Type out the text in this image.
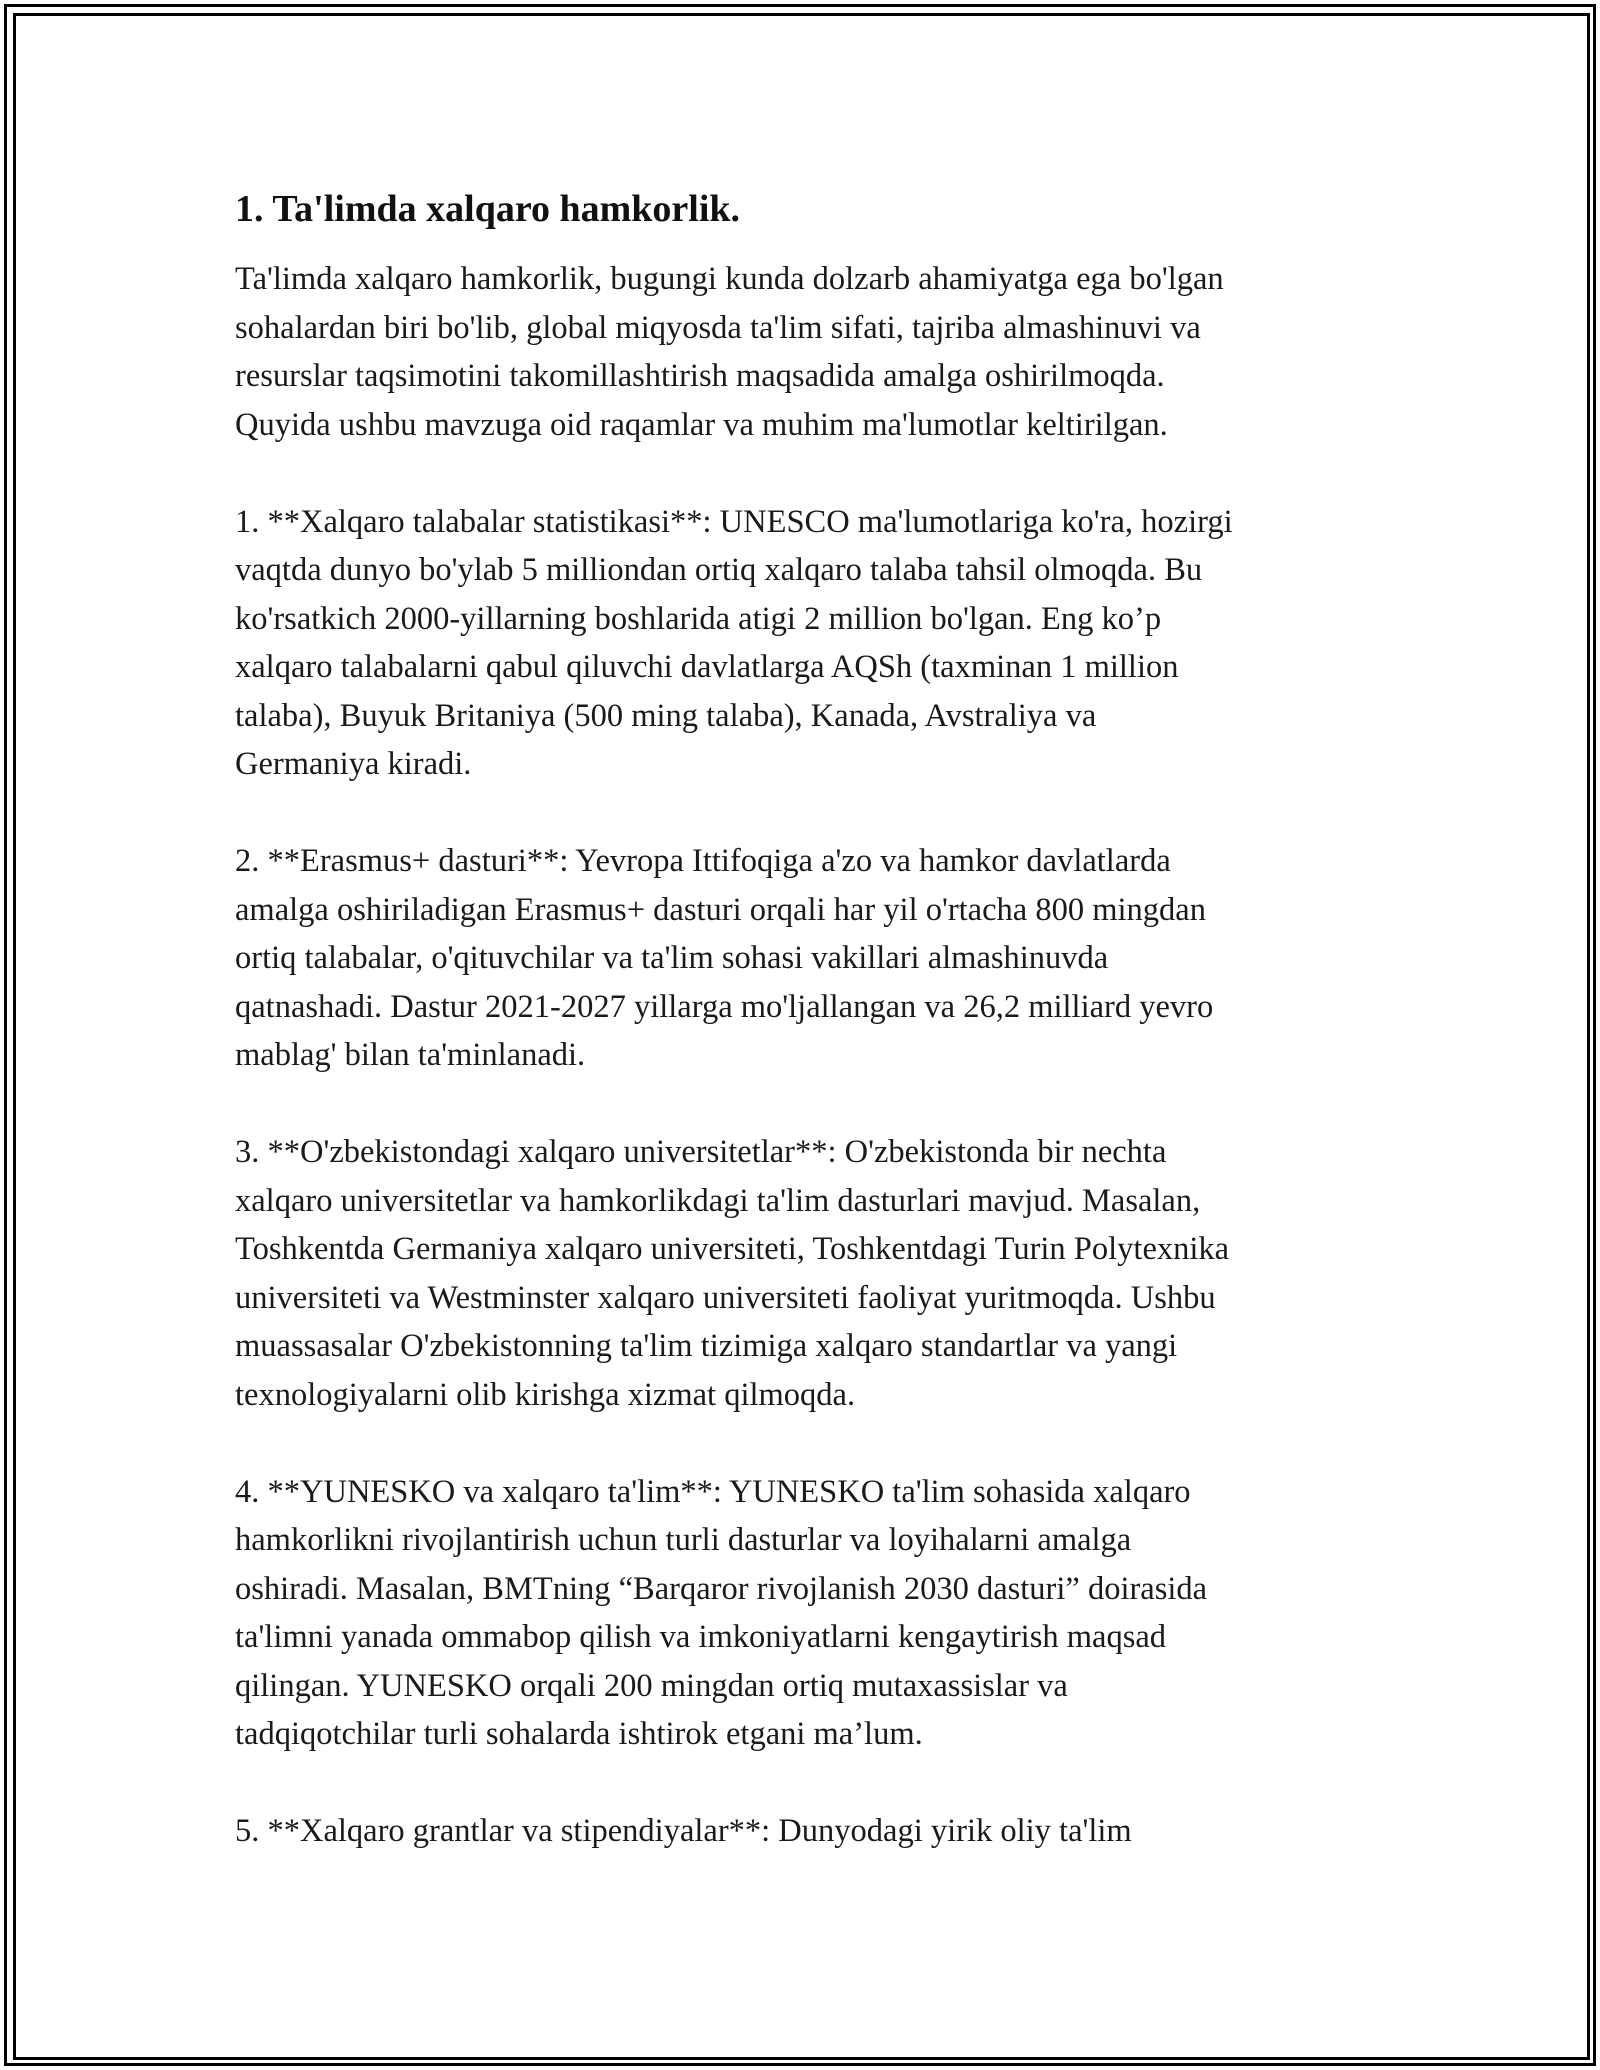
1. Ta'limda xalqaro hamkorlik.
Ta'limda xalqaro hamkorlik, bugungi kunda dolzarb ahamiyatga ega bo'lgan
sohalardan biri bo'lib, global miqyosda ta'lim sifati, tajriba almashinuvi va
resurslar taqsimotini takomillashtirish maqsadida amalga oshirilmoqda.
Quyida ushbu mavzuga oid raqamlar va muhim ma'lumotlar keltirilgan.
1. **Xalqaro talabalar statistikasi**: UNESCO ma'lumotlariga ko'ra, hozirgi
vaqtda dunyo bo'ylab 5 milliondan ortiq xalqaro talaba tahsil olmoqda. Bu
ko'rsatkich 2000-yillarning boshlarida atigi 2 million bo'lgan. Eng ko’p
xalqaro talabalarni qabul qiluvchi davlatlarga AQSh (taxminan 1 million
talaba), Buyuk Britaniya (500 ming talaba), Kanada, Avstraliya va
Germaniya kiradi.
2. **Erasmus+ dasturi**: Yevropa Ittifoqiga a'zo va hamkor davlatlarda
amalga oshiriladigan Erasmus+ dasturi orqali har yil o'rtacha 800 mingdan
ortiq talabalar, o'qituvchilar va ta'lim sohasi vakillari almashinuvda
qatnashadi. Dastur 2021-2027 yillarga mo'ljallangan va 26,2 milliard yevro
mablag' bilan ta'minlanadi.
3. **O'zbekistondagi xalqaro universitetlar**: O'zbekistonda bir nechta
xalqaro universitetlar va hamkorlikdagi ta'lim dasturlari mavjud. Masalan,
Toshkentda Germaniya xalqaro universiteti, Toshkentdagi Turin Polytexnika
universiteti va Westminster xalqaro universiteti faoliyat yuritmoqda. Ushbu
muassasalar O'zbekistonning ta'lim tizimiga xalqaro standartlar va yangi
texnologiyalarni olib kirishga xizmat qilmoqda.
4. **YUNESKO va xalqaro ta'lim**: YUNESKO ta'lim sohasida xalqaro
hamkorlikni rivojlantirish uchun turli dasturlar va loyihalarni amalga
oshiradi. Masalan, BMTning “Barqaror rivojlanish 2030 dasturi” doirasida
ta'limni yanada ommabop qilish va imkoniyatlarni kengaytirish maqsad
qilingan. YUNESKO orqali 200 mingdan ortiq mutaxassislar va
tadqiqotchilar turli sohalarda ishtirok etgani ma’lum.
5. **Xalqaro grantlar va stipendiyalar**: Dunyodagi yirik oliy ta'lim
